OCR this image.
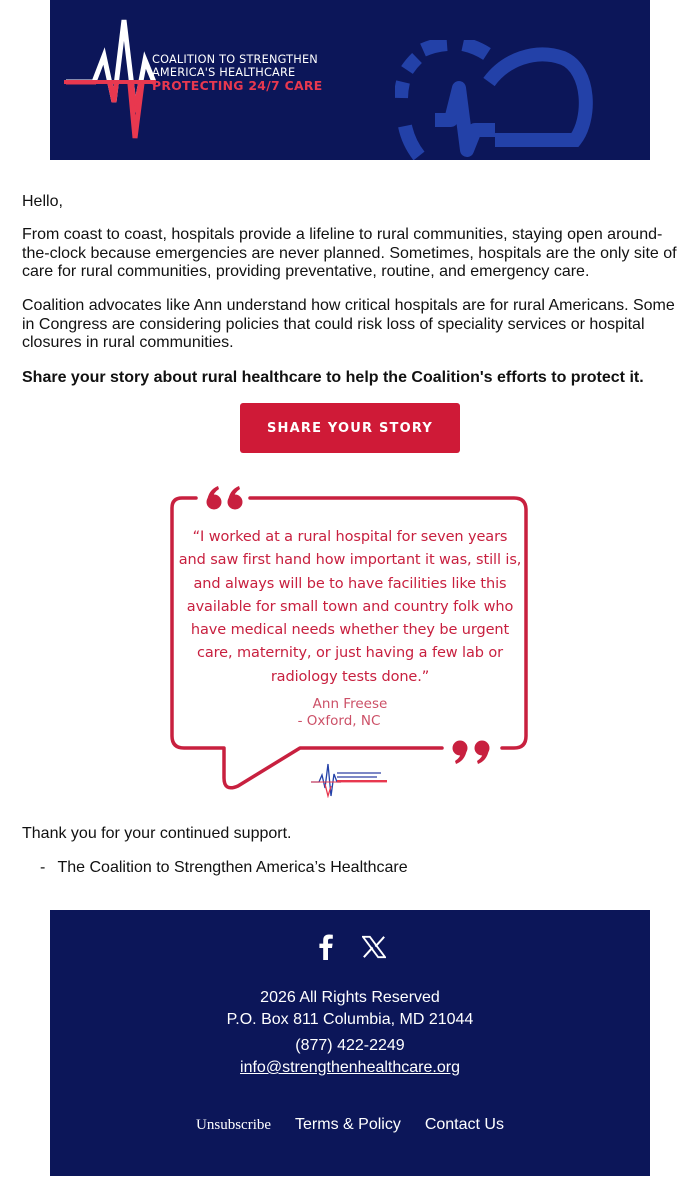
COALITION TO STRENGTHEN
AMERICA'S HEALTHCARE
PROTECTING 24/7 CARE
Hello,
From coast to coast, hospitals provide a lifeline to rural communities, staying open around-the-clock because emergencies are never planned. Sometimes, hospitals are the only site of care for rural communities, providing preventative, routine, and emergency care.
Coalition advocates like Ann understand how critical hospitals are for rural Americans. Some in Congress are considering policies that could risk loss of speciality services or hospital closures in rural communities.
Share your story about rural healthcare to help the Coalition's efforts to protect it.
SHARE YOUR STORY
“I worked at a rural hospital for seven years and saw first hand how important it was, still is, and always will be to have facilities like this available for small town and country folk who have medical needs whether they be urgent care, maternity, or just having a few lab or radiology tests done.”
Ann Freese
- Oxford, NC
Thank you for your continued support.
- The Coalition to Strengthen America’s Healthcare
2026 All Rights Reserved
P.O. Box 811 Columbia, MD 21044
(877) 422-2249
info@strengthenhealthcare.org
Unsubscribe Terms & Policy Contact Us
